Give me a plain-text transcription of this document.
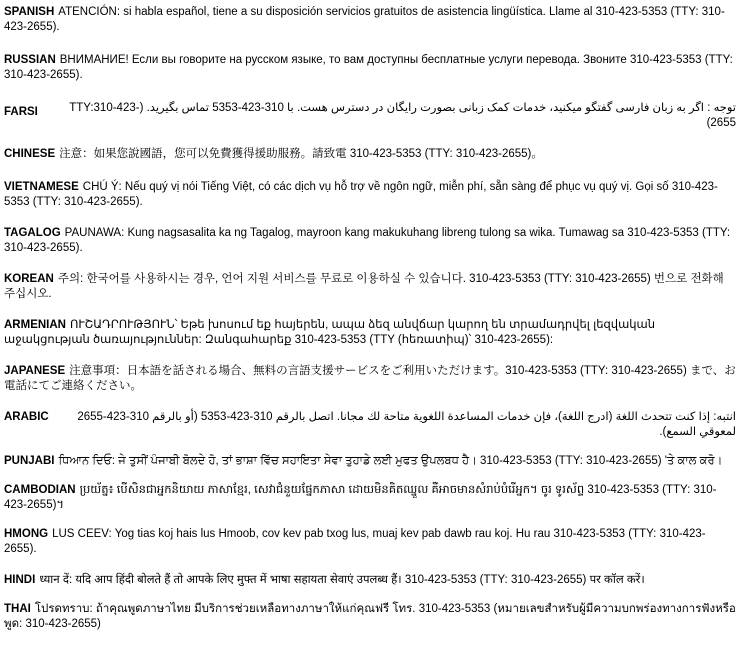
SPANISH ATENCIÓN: si habla español, tiene a su disposición servicios gratuitos de asistencia lingüística. Llame al 310-423-5353 (TTY: 310-423-2655).

RUSSIAN ВНИМАНИЕ! Если вы говорите на русском языке, то вам доступны бесплатные услуги перевода. Звоните 310-423-5353 (TTY: 310-423-2655).

FARSI	توجه : اگر به زبان فارسی گفتگو میکنید، خدمات کمک زبانی بصورت رایگان در دسترس هست. با 310-423-5353 تماس بگیرید. (TTY:310-423-2655)

CHINESE 注意：如果您說國語，您可以免費獲得援助服務。請致電 310-423-5353 (TTY: 310-423-2655)。

VIETNAMESE CHÚ Ý: Nếu quý vị nói Tiếng Việt, có các dịch vụ hỗ trợ về ngôn ngữ, miễn phí, sẵn sàng để phục vụ quý vị. Gọi số 310-423-5353 (TTY: 310-423-2655).

TAGALOG PAUNAWA: Kung nagsasalita ka ng Tagalog, mayroon kang makukuhang libreng tulong sa wika. Tumawag sa 310-423-5353 (TTY: 310-423-2655).

KOREAN 주의: 한국어를 사용하시는 경우, 언어 지원 서비스를 무료로 이용하실 수 있습니다. 310-423-5353 (TTY: 310-423-2655) 번으로 전화해 주십시오.

ARMENIAN ՈՒՇԱԴՐՈՒԹՅՈՒՆ՝ Եթե խոսում եք հայերեն, ապա ձեզ անվճար կարող են տրամադրվել լեզվական աջակցության ծառայություններ: Զանգահարեք 310-423-5353 (TTY (հեռատիպ)՝ 310-423-2655):

JAPANESE 注意事項：日本語を話される場合、無料の言語支援サービスをご利用いただけます。310-423-5353 (TTY: 310-423-2655) まで、お電話にてご連絡ください。

ARABIC	انتبه: إذا كنت تتحدث اللغة (ادرج اللغة)، فإن خدمات المساعدة اللغوية متاحة لك مجانا. اتصل بالرقم 310-423-5353 (أو بالرقم 310-423-2655 لمعوقي السمع).

PUNJABI ਧਿਆਨ ਦਿਓ: ਜੇ ਤੁਸੀਂ ਪੰਜਾਬੀ ਬੋਲਦੇ ਹੋ, ਤਾਂ ਭਾਸ਼ਾ ਵਿੱਚ ਸਹਾਇਤਾ ਸੇਵਾ ਤੁਹਾਡੇ ਲਈ ਮੁਫਤ ਉਪਲਬਧ ਹੈ। 310-423-5353 (TTY: 310-423-2655) 'ਤੇ ਕਾਲ ਕਰੋ।

CAMBODIAN ប្រយ័ត្ន៖ បើសិនជាអ្នកនិយាយ ភាសាខ្មែរ, សេវាជំនួយផ្នែកភាសា ដោយមិនគិតឈ្នួល គឺអាចមានសំរាប់បំរើអ្នក។ ចូរ ទូរស័ព្ទ 310-423-5353 (TTY: 310-423-2655)។

HMONG LUS CEEV: Yog tias koj hais lus Hmoob, cov kev pab txog lus, muaj kev pab dawb rau koj. Hu rau 310-423-5353 (TTY: 310-423-2655).

HINDI ध्यान दें: यदि आप हिंदी बोलते हैं तो आपके लिए मुफ्त में भाषा सहायता सेवाएं उपलब्ध हैं। 310-423-5353 (TTY: 310-423-2655) पर कॉल करें।

THAI โปรดทราบ: ถ้าคุณพูดภาษาไทย มีบริการช่วยเหลือทางภาษาให้แก่คุณฟรี โทร. 310-423-5353 (หมายเลขสำหรับผู้มีความบกพร่องทางการฟังหรือพูด: 310-423-2655)
